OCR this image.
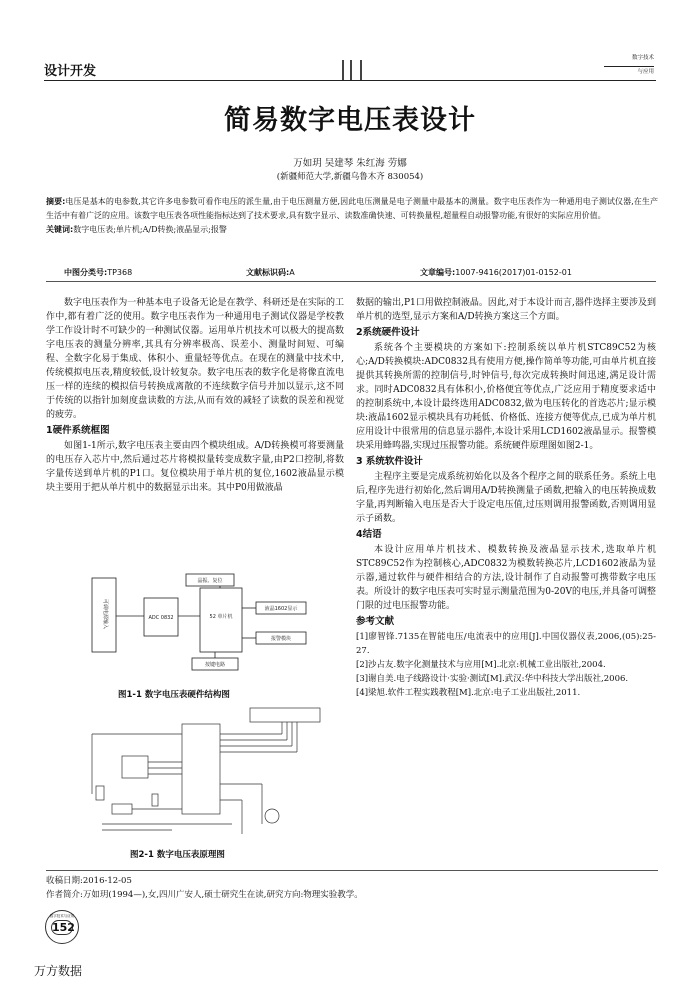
设计开发
数字技术
与应用
简易数字电压表设计
万如玥 吴建琴 朱红海 劳娜
(新疆师范大学,新疆乌鲁木齐 830054)
摘要:电压是基本的电参数,其它许多电参数可看作电压的派生量,由于电压测量方便,因此电压测量是电子测量中最基本的测量。数字电压表作为一种通用电子测试仪器,在生产生活中有着广泛的应用。该数字电压表各项性能指标达到了技术要求,具有数字显示、读数准确快速、可转换量程,超量程自动报警功能,有很好的实际应用价值。
关键词:数字电压表;单片机;A/D转换;液晶显示;报警
中图分类号:TP368	文献标识码:A	文章编号:1007-9416(2017)01-0152-01

数字电压表作为一种基本电子设备无论是在教学、科研还是在实际的工作中,都有着广泛的使用。数字电压表作为一种通用电子测试仪器是学校教学工作设计时不可缺少的一种测试仪器。运用单片机技术可以极大的提高数字电压表的测量分辨率,其具有分辨率极高、误差小、测量时间短、可编程、全数字化易于集成、体积小、重量轻等优点。在现在的测量中技术中,传统模拟电压表,精度较低,设计较复杂。数字电压表的数字化是将像直流电压一样的连续的模拟信号转换成离散的不连续数字信号并加以显示,这不同于传统的以指针加刻度盘读数的方法,从而有效的减轻了读数的误差和视觉的疲劳。

1硬件系统框图

如图1-1所示,数字电压表主要由四个模块组成。A/D转换模可将要测量的电压存入芯片中,然后通过芯片将模拟量转变成数字量,由P2口控制,将数字量传送到单片机的P1口。复位模块用于单片机的复位,1602液晶显示模块主要用于把从单片机中的数据显示出来。其中P0用做液晶

可调电源输入	ADC 0832	52 单片机
晶振、复位
液晶1602显示
报警模块
按键电路
图1-1 数字电压表硬件结构图
图2-1 数字电压表原理图

数据的输出,P1口用做控制液晶。因此,对于本设计而言,器件选择主要涉及到单片机的选型,显示方案和A/D转换方案这三个方面。

2系统硬件设计

系统各个主要模块的方案如下:控制系统以单片机STC89C52为核心;A/D转换模块:ADC0832具有使用方便,操作简单等功能,可由单片机直接提供其转换所需的控制信号,时钟信号,每次完成转换时间迅速,满足设计需求。同时ADC0832具有体积小,价格便宜等优点,广泛应用于精度要求适中的控制系统中,本设计最终选用ADC0832,做为电压转化的首选芯片;显示模块:液晶1602显示模块具有功耗低、价格低、连接方便等优点,已成为单片机应用设计中很常用的信息显示器件,本设计采用LCD1602液晶显示。报警模块采用蜂鸣器,实现过压报警功能。系统硬件原理图如图2-1。

3 系统软件设计

主程序主要是完成系统初始化以及各个程序之间的联系任务。系统上电后,程序先进行初始化,然后调用A/D转换测量子函数,把输入的电压转换成数字量,再判断输入电压是否大于设定电压值,过压则调用报警函数,否则调用显示子函数。

4结语

本设计应用单片机技术、模数转换及液晶显示技术,选取单片机STC89C52作为控制核心,ADC0832为模数转换芯片,LCD1602液晶为显示器,通过软件与硬件相结合的方法,设计制作了自动报警可携带数字电压表。所设计的数字电压表可实时显示测量范围为0-20V的电压,并具备可调整门限的过电压报警功能。

参考文献
[1]廖智锋.7135在智能电压/电流表中的应用[J].中国仪器仪表,2006,(05):25-27.
[2]沙占友.数字化测量技术与应用[M].北京:机械工业出版社,2004.
[3]谢自美.电子线路设计·实验·测试[M].武汉:华中科技大学出版社,2006.
[4]梁旭.软件工程实践教程[M].北京:电子工业出版社,2011.
收稿日期:2016-12-05
作者简介:万如玥(1994—),女,四川广安人,硕士研究生在读,研究方向:物理实验教学。
数字技术与应用
152
万方数据
